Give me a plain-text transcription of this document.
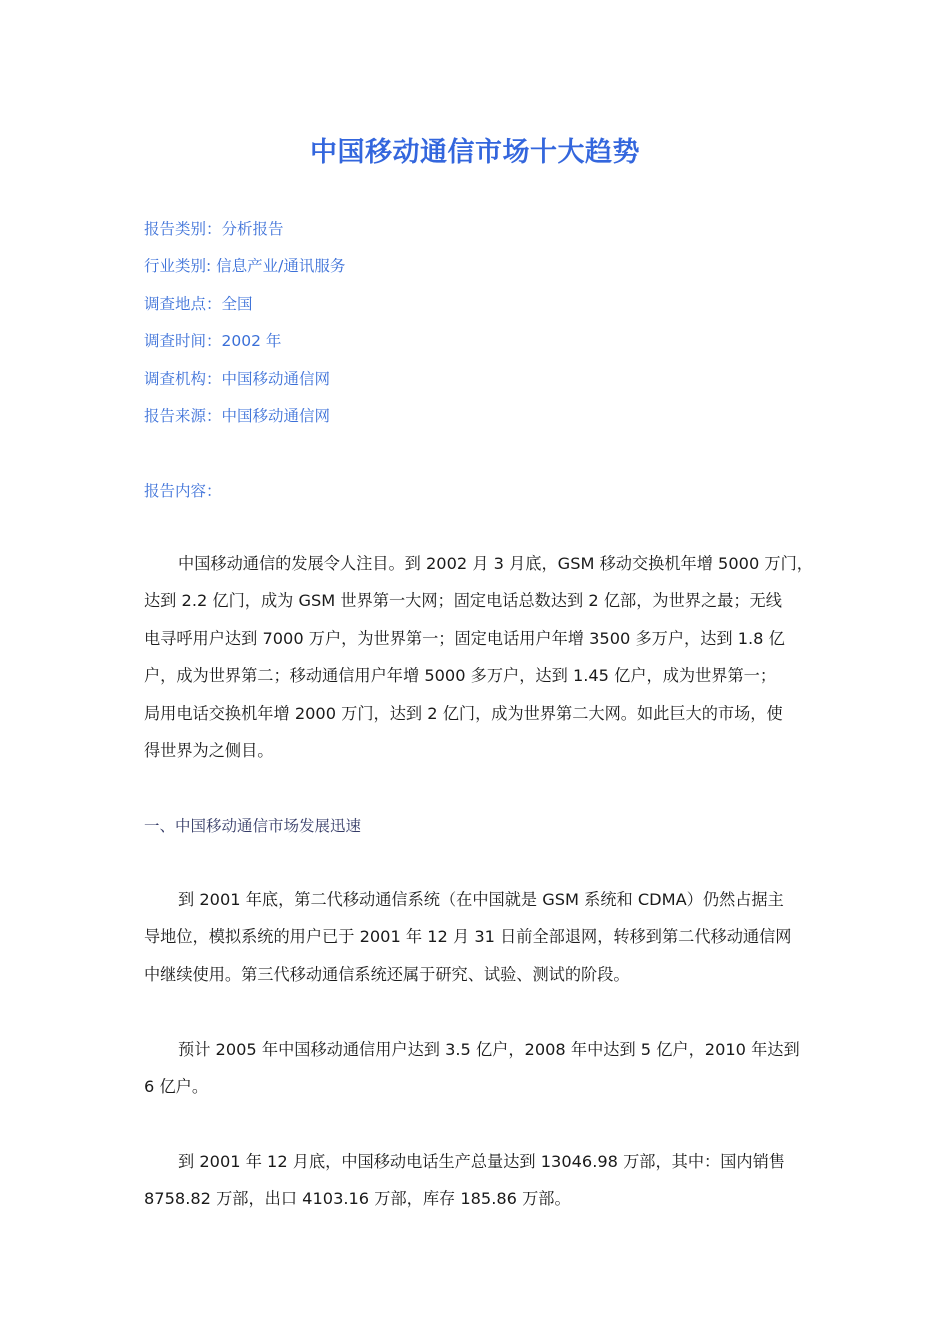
中国移动通信市场十大趋势
报告类别：分析报告
行业类别: 信息产业/通讯服务
调查地点：全国
调查时间：2002 年
调查机构：中国移动通信网
报告来源：中国移动通信网
报告内容：

中国移动通信的发展令人注目。到 2002 月 3 月底，GSM 移动交换机年增 5000 万门，
达到 2.2 亿门，成为 GSM 世界第一大网；固定电话总数达到 2 亿部，为世界之最；无线
电寻呼用户达到 7000 万户，为世界第一；固定电话用户年增 3500 多万户，达到 1.8 亿
户，成为世界第二；移动通信用户年增 5000 多万户，达到 1.45 亿户，成为世界第一；
局用电话交换机年增 2000 万门，达到 2 亿门，成为世界第二大网。如此巨大的市场，使
得世界为之侧目。

一、中国移动通信市场发展迅速

到 2001 年底，第二代移动通信系统（在中国就是 GSM 系统和 CDMA）仍然占据主
导地位，模拟系统的用户已于 2001 年 12 月 31 日前全部退网，转移到第二代移动通信网
中继续使用。第三代移动通信系统还属于研究、试验、测试的阶段。

预计 2005 年中国移动通信用户达到 3.5 亿户，2008 年中达到 5 亿户，2010 年达到
6 亿户。

到 2001 年 12 月底，中国移动电话生产总量达到 13046.98 万部，其中：国内销售
8758.82 万部，出口 4103.16 万部，库存 185.86 万部。
